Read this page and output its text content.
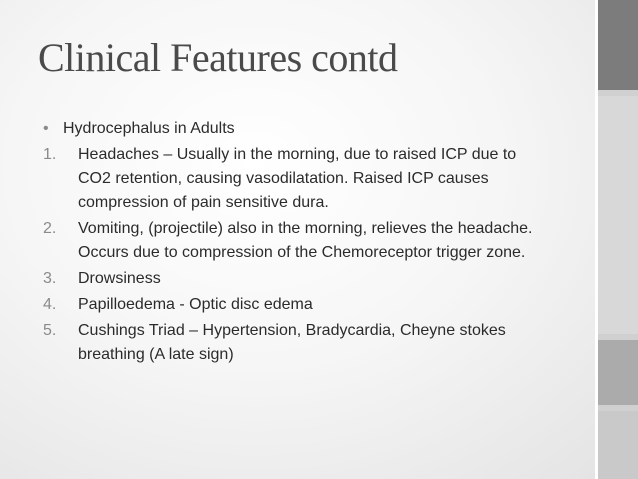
Clinical Features contd
• Hydrocephalus in Adults
1.	Headaches – Usually in the morning, due to raised ICP due to CO2 retention, causing vasodilatation. Raised ICP causes compression of pain sensitive dura.
2.	Vomiting, (projectile) also in the morning, relieves the headache. Occurs due to compression of the Chemoreceptor trigger zone.
3.	Drowsiness
4.	Papilloedema - Optic disc edema
5.	Cushings Triad – Hypertension, Bradycardia, Cheyne stokes breathing (A late sign)
